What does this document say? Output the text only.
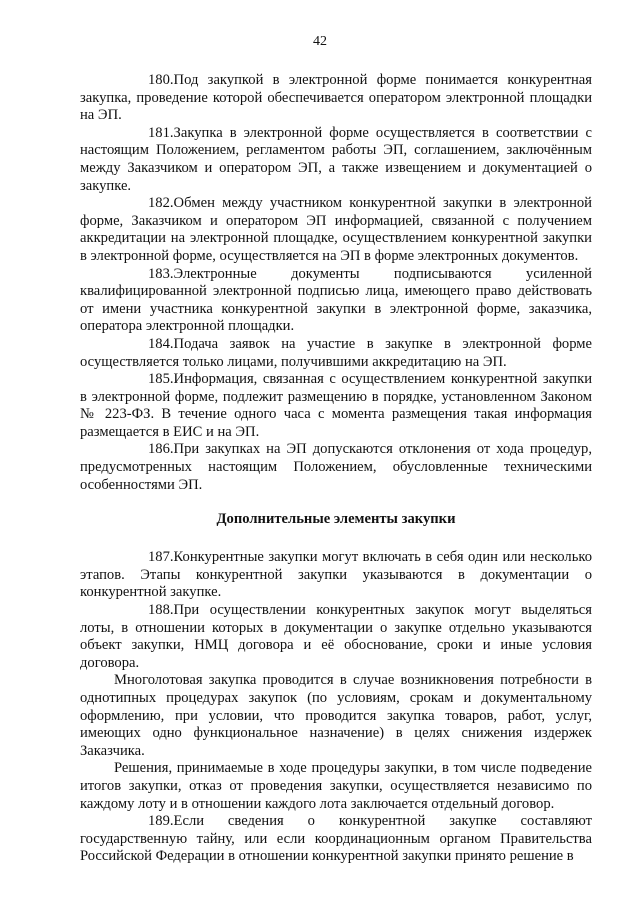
42

180.Под закупкой в электронной форме понимается конкурентная закупка, проведение которой обеспечивается оператором электронной площадки на ЭП.

181.Закупка в электронной форме осуществляется в соответствии с настоящим Положением, регламентом работы ЭП, соглашением, заключённым между Заказчиком и оператором ЭП, а также извещением и документацией о закупке.

182.Обмен между участником конкурентной закупки в электронной форме, Заказчиком и оператором ЭП информацией, связанной с получением аккредитации на электронной площадке, осуществлением конкурентной закупки в электронной форме, осуществляется на ЭП в форме электронных документов.

183.Электронные документы подписываются усиленной квалифицированной электронной подписью лица, имеющего право действовать от имени участника конкурентной закупки в электронной форме, заказчика, оператора электронной площадки.

184.Подача заявок на участие в закупке в электронной форме осуществляется только лицами, получившими аккредитацию на ЭП.

185.Информация, связанная с осуществлением конкурентной закупки в электронной форме, подлежит размещению в порядке, установленном Законом № 223-ФЗ. В течение одного часа с момента размещения такая информация размещается в ЕИС и на ЭП.

186.При закупках на ЭП допускаются отклонения от хода процедур, предусмотренных настоящим Положением, обусловленные техническими особенностями ЭП.

Дополнительные элементы закупки

187.Конкурентные закупки могут включать в себя один или несколько этапов. Этапы конкурентной закупки указываются в документации о конкурентной закупке.

188.При осуществлении конкурентных закупок могут выделяться лоты, в отношении которых в документации о закупке отдельно указываются объект закупки, НМЦ договора и её обоснование, сроки и иные условия договора.

Многолотовая закупка проводится в случае возникновения потребности в однотипных процедурах закупок (по условиям, срокам и документальному оформлению, при условии, что проводится закупка товаров, работ, услуг, имеющих одно функциональное назначение) в целях снижения издержек Заказчика.

Решения, принимаемые в ходе процедуры закупки, в том числе подведение итогов закупки, отказ от проведения закупки, осуществляется независимо по каждому лоту и в отношении каждого лота заключается отдельный договор.

189.Если сведения о конкурентной закупке составляют государственную тайну, или если координационным органом Правительства Российской Федерации в отношении конкурентной закупки принято решение в
